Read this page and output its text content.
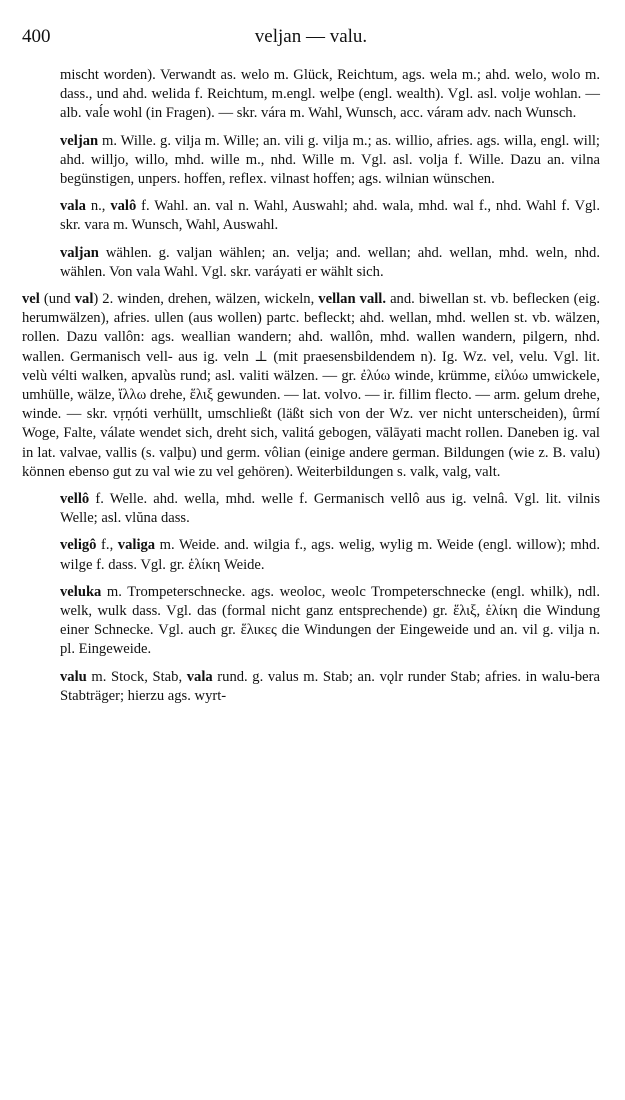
400	veljan — valu.
mischt worden). Verwandt as. welo m. Glück, Reichtum, ags. wela m.; ahd. welo, wolo m. dass., und ahd. welida f. Reichtum, m.engl. welþe (engl. wealth). Vgl. asl. volje wohlan. — alb. vaĺe wohl (in Fragen). — skr. vára m. Wahl, Wunsch, acc. váram adv. nach Wunsch.
veljan m. Wille. g. vilja m. Wille; an. vili g. vilja m.; as. willio, afries. ags. willa, engl. will; ahd. willjo, willo, mhd. wille m., nhd. Wille m. Vgl. asl. volja f. Wille. Dazu an. vilna begünstigen, unpers. hoffen, reflex. vilnast hoffen; ags. wilnian wünschen.
vala n., valô f. Wahl. an. val n. Wahl, Auswahl; ahd. wala, mhd. wal f., nhd. Wahl f. Vgl. skr. vara m. Wunsch, Wahl, Auswahl.
valjan wählen. g. valjan wählen; an. velja; and. wellan; ahd. wellan, mhd. weln, nhd. wählen. Von vala Wahl. Vgl. skr. varáyati er wählt sich.
vel (und val) 2. winden, drehen, wälzen, wickeln, vellan vall. and. biwellan st. vb. beflecken (eig. herumwälzen), afries. ullen (aus wollen) partc. befleckt; ahd. wellan, mhd. wellen st. vb. wälzen, rollen. Dazu vallôn: ags. weallian wandern; ahd. wallôn, mhd. wallen wandern, pilgern, nhd. wallen. Germanisch vell- aus ig. veln ⊥ (mit praesensbildendem n). Ig. Wz. vel, velu. Vgl. lit. velù vélti walken, apvalùs rund; asl. valiti wälzen. — gr. ἐλύω winde, krümme, εἰλύω umwickele, umhülle, wälze, ἴλλω drehe, ἕλιξ gewunden. — lat. volvo. — ir. fillim flecto. — arm. gelum drehe, winde. — skr. vṛṇóti verhüllt, umschließt (läßt sich von der Wz. ver nicht unterscheiden), ûrmí Woge, Falte, válate wendet sich, dreht sich, valitá gebogen, vālāyati macht rollen. Daneben ig. val in lat. valvae, vallis (s. valþu) und germ. vôlian (einige andere german. Bildungen (wie z. B. valu) können ebenso gut zu val wie zu vel gehören). Weiterbildungen s. valk, valg, valt.
vellô f. Welle. ahd. wella, mhd. welle f. Germanisch vellô aus ig. velnâ. Vgl. lit. vilnis Welle; asl. vlŭna dass.
veligô f., valiga m. Weide. and. wilgia f., ags. welig, wylig m. Weide (engl. willow); mhd. wilge f. dass. Vgl. gr. ἑλίκη Weide.
veluka m. Trompeterschnecke. ags. weoloc, weolc Trompeterschnecke (engl. whilk), ndl. welk, wulk dass. Vgl. das (formal nicht ganz entsprechende) gr. ἕλιξ, ἑλίκη die Windung einer Schnecke. Vgl. auch gr. ἕλικες die Windungen der Eingeweide und an. vil g. vilja n. pl. Eingeweide.
valu m. Stock, Stab, vala rund. g. valus m. Stab; an. vǫlr runder Stab; afries. in walu-bera Stabträger; hierzu ags. wyrt-
